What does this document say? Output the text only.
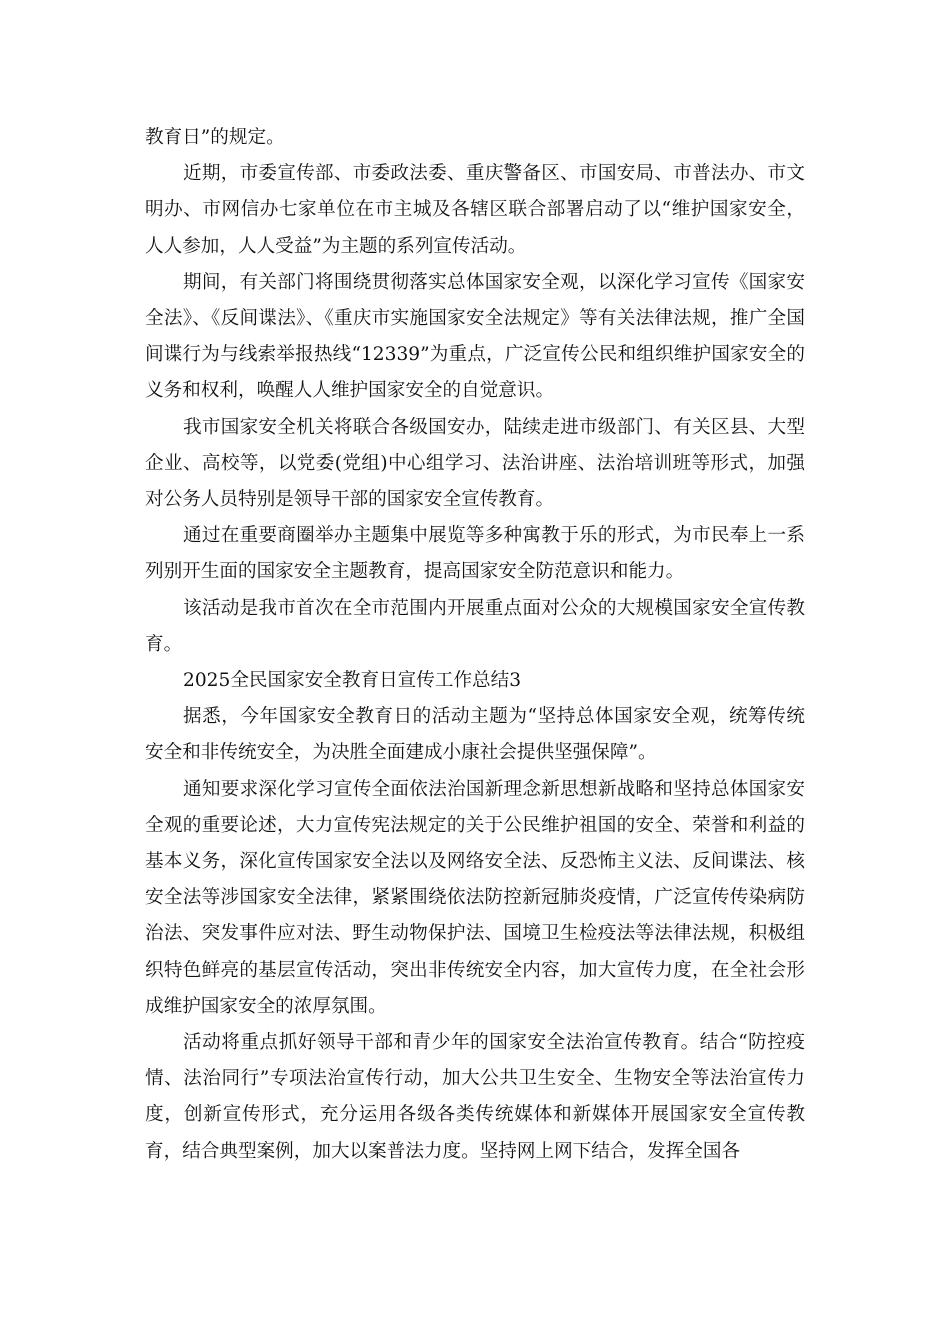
教育日”的规定。

近期，市委宣传部、市委政法委、重庆警备区、市国安局、市普法办、市文明办、市网信办七家单位在市主城及各辖区联合部署启动了以“维护国家安全，人人参加，人人受益”为主题的系列宣传活动。

期间，有关部门将围绕贯彻落实总体国家安全观，以深化学习宣传《国家安全法》、《反间谍法》、《重庆市实施国家安全法规定》等有关法律法规，推广全国间谍行为与线索举报热线“12339”为重点，广泛宣传公民和组织维护国家安全的义务和权利，唤醒人人维护国家安全的自觉意识。

我市国家安全机关将联合各级国安办，陆续走进市级部门、有关区县、大型企业、高校等，以党委(党组)中心组学习、法治讲座、法治培训班等形式，加强对公务人员特别是领导干部的国家安全宣传教育。

通过在重要商圈举办主题集中展览等多种寓教于乐的形式，为市民奉上一系列别开生面的国家安全主题教育，提高国家安全防范意识和能力。

该活动是我市首次在全市范围内开展重点面对公众的大规模国家安全宣传教育。

2025全民国家安全教育日宣传工作总结3

据悉，今年国家安全教育日的活动主题为“坚持总体国家安全观，统筹传统安全和非传统安全，为决胜全面建成小康社会提供坚强保障”。

通知要求深化学习宣传全面依法治国新理念新思想新战略和坚持总体国家安全观的重要论述，大力宣传宪法规定的关于公民维护祖国的安全、荣誉和利益的基本义务，深化宣传国家安全法以及网络安全法、反恐怖主义法、反间谍法、核安全法等涉国家安全法律，紧紧围绕依法防控新冠肺炎疫情，广泛宣传传染病防治法、突发事件应对法、野生动物保护法、国境卫生检疫法等法律法规，积极组织特色鲜亮的基层宣传活动，突出非传统安全内容，加大宣传力度，在全社会形成维护国家安全的浓厚氛围。

活动将重点抓好领导干部和青少年的国家安全法治宣传教育。结合“防控疫情、法治同行”专项法治宣传行动，加大公共卫生安全、生物安全等法治宣传力度，创新宣传形式，充分运用各级各类传统媒体和新媒体开展国家安全宣传教育，结合典型案例，加大以案普法力度。坚持网上网下结合，发挥全国各
